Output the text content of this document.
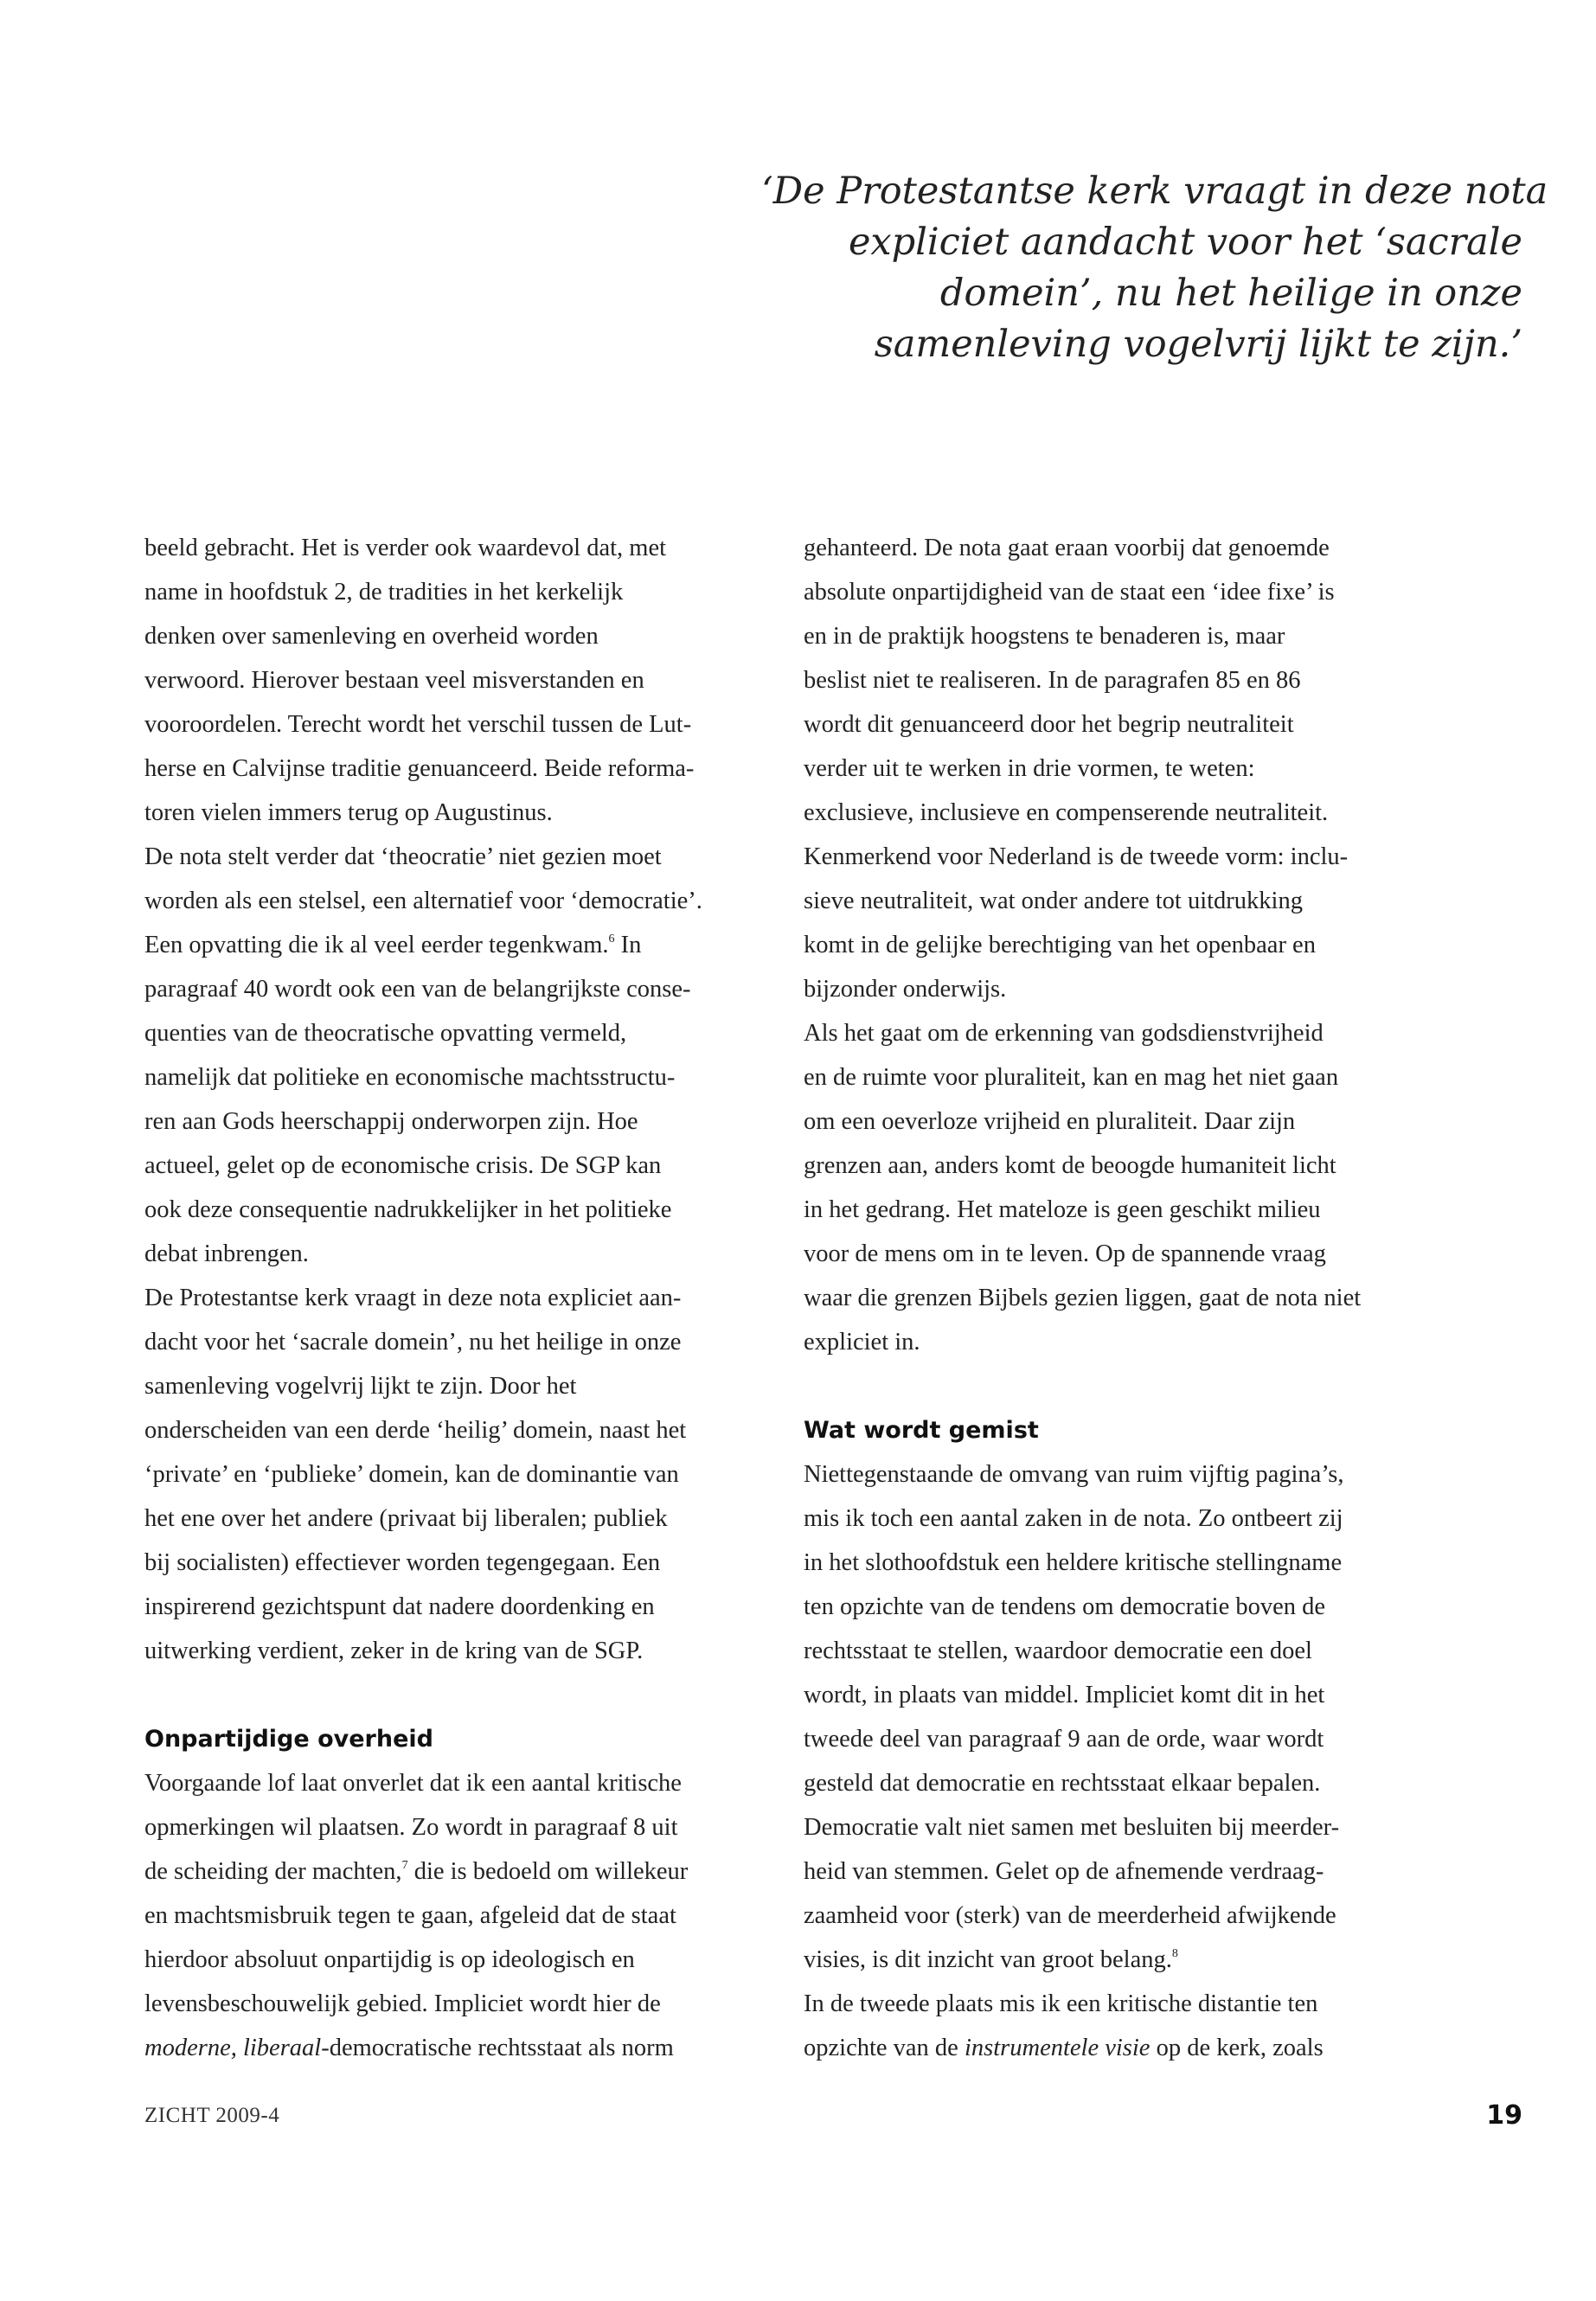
‘De Protestantse kerk vraagt in deze nota
expliciet aandacht voor het ‘sacrale
domein’, nu het heilige in onze
samenleving vogelvrij lijkt te zijn.’
beeld gebracht. Het is verder ook waardevol dat, met
name in hoofdstuk 2, de tradities in het kerkelijk
denken over samenleving en overheid worden
verwoord. Hierover bestaan veel misverstanden en
vooroordelen. Terecht wordt het verschil tussen de Lut-
herse en Calvijnse traditie genuanceerd. Beide reforma-
toren vielen immers terug op Augustinus.
De nota stelt verder dat ‘theocratie’ niet gezien moet
worden als een stelsel, een alternatief voor ‘democratie’.
Een opvatting die ik al veel eerder tegenkwam.$^6$ In
paragraaf 40 wordt ook een van de belangrijkste conse-
quenties van de theocratische opvatting vermeld,
namelijk dat politieke en economische machtsstructu-
ren aan Gods heerschappij onderworpen zijn. Hoe
actueel, gelet op de economische crisis. De SGP kan
ook deze consequentie nadrukkelijker in het politieke
debat inbrengen.
De Protestantse kerk vraagt in deze nota expliciet aan-
dacht voor het ‘sacrale domein’, nu het heilige in onze
samenleving vogelvrij lijkt te zijn. Door het
onderscheiden van een derde ‘heilig’ domein, naast het
‘private’ en ‘publieke’ domein, kan de dominantie van
het ene over het andere (privaat bij liberalen; publiek
bij socialisten) effectiever worden tegengegaan. Een
inspirerend gezichtspunt dat nadere doordenking en
uitwerking verdient, zeker in de kring van de SGP.
Onpartijdige overheid
Voorgaande lof laat onverlet dat ik een aantal kritische
opmerkingen wil plaatsen. Zo wordt in paragraaf 8 uit
de scheiding der machten,$^7$ die is bedoeld om willekeur
en machtsmisbruik tegen te gaan, afgeleid dat de staat
hierdoor absoluut onpartijdig is op ideologisch en
levensbeschouwelijk gebied. Impliciet wordt hier de
moderne, liberaal-democratische rechtsstaat als norm
gehanteerd. De nota gaat eraan voorbij dat genoemde
absolute onpartijdigheid van de staat een ‘idee fixe’ is
en in de praktijk hoogstens te benaderen is, maar
beslist niet te realiseren. In de paragrafen 85 en 86
wordt dit genuanceerd door het begrip neutraliteit
verder uit te werken in drie vormen, te weten:
exclusieve, inclusieve en compenserende neutraliteit.
Kenmerkend voor Nederland is de tweede vorm: inclu-
sieve neutraliteit, wat onder andere tot uitdrukking
komt in de gelijke berechtiging van het openbaar en
bijzonder onderwijs.
Als het gaat om de erkenning van godsdienstvrijheid
en de ruimte voor pluraliteit, kan en mag het niet gaan
om een oeverloze vrijheid en pluraliteit. Daar zijn
grenzen aan, anders komt de beoogde humaniteit licht
in het gedrang. Het mateloze is geen geschikt milieu
voor de mens om in te leven. Op de spannende vraag
waar die grenzen Bijbels gezien liggen, gaat de nota niet
expliciet in.
Wat wordt gemist
Niettegenstaande de omvang van ruim vijftig pagina’s,
mis ik toch een aantal zaken in de nota. Zo ontbeert zij
in het slothoofdstuk een heldere kritische stellingname
ten opzichte van de tendens om democratie boven de
rechtsstaat te stellen, waardoor democratie een doel
wordt, in plaats van middel. Impliciet komt dit in het
tweede deel van paragraaf 9 aan de orde, waar wordt
gesteld dat democratie en rechtsstaat elkaar bepalen.
Democratie valt niet samen met besluiten bij meerder-
heid van stemmen. Gelet op de afnemende verdraag-
zaamheid voor (sterk) van de meerderheid afwijkende
visies, is dit inzicht van groot belang.$^8$
In de tweede plaats mis ik een kritische distantie ten
opzichte van de instrumentele visie op de kerk, zoals
ZICHT 2009-4	19
